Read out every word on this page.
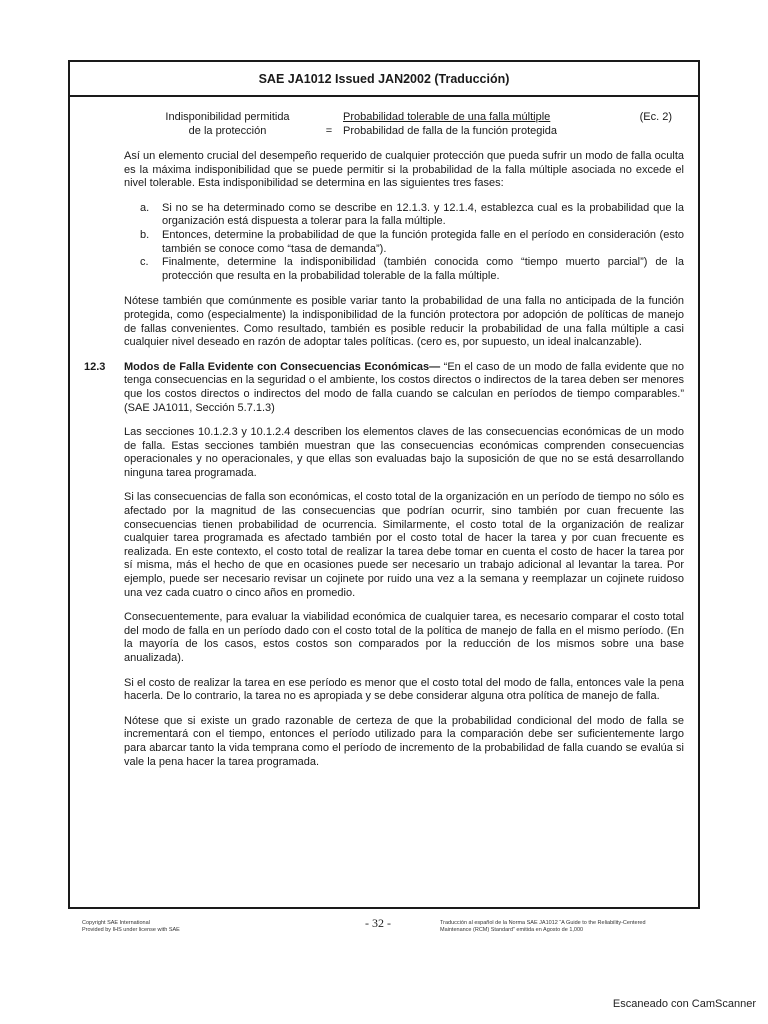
SAE JA1012 Issued JAN2002 (Traducción)
Indisponibilidad permitida
de la protección	=
Probabilidad tolerable de una falla múltiple
Probabilidad de falla de la función protegida
(Ec. 2)

Así un elemento crucial del desempeño requerido de cualquier protección que pueda sufrir un modo de falla oculta es la máxima indisponibilidad que se puede permitir si la probabilidad de la falla múltiple asociada no excede el nivel tolerable. Esta indisponibilidad se determina en las siguientes tres fases:

a.	Si no se ha determinado como se describe en 12.1.3. y 12.1.4, establezca cual es la probabilidad que la organización está dispuesta a tolerar para la falla múltiple.
b.	Entonces, determine la probabilidad de que la función protegida falle en el período en consideración (esto también se conoce como “tasa de demanda”).
c.	Finalmente, determine la indisponibilidad (también conocida como “tiempo muerto parcial”) de la protección que resulta en la probabilidad tolerable de la falla múltiple.

Nótese también que comúnmente es posible variar tanto la probabilidad de una falla no anticipada de la función protegida, como (especialmente) la indisponibilidad de la función protectora por adopción de políticas de manejo de fallas convenientes. Como resultado, también es posible reducir la probabilidad de una falla múltiple a casi cualquier nivel deseado en razón de adoptar tales políticas. (cero es, por supuesto, un ideal inalcanzable).

12.3	Modos de Falla Evidente con Consecuencias Económicas— “En el caso de un modo de falla evidente que no tenga consecuencias en la seguridad o el ambiente, los costos directos o indirectos de la tarea deben ser menores que los costos directos o indirectos del modo de falla cuando se calculan en períodos de tiempo comparables.” (SAE JA1011, Sección 5.7.1.3)

Las secciones 10.1.2.3 y 10.1.2.4 describen los elementos claves de las consecuencias económicas de un modo de falla. Estas secciones también muestran que las consecuencias económicas comprenden consecuencias operacionales y no operacionales, y que ellas son evaluadas bajo la suposición de que no se está desarrollando ninguna tarea programada.

Si las consecuencias de falla son económicas, el costo total de la organización en un período de tiempo no sólo es afectado por la magnitud de las consecuencias que podrían ocurrir, sino también por cuan frecuente las consecuencias tienen probabilidad de ocurrencia. Similarmente, el costo total de la organización de realizar cualquier tarea programada es afectado también por el costo total de hacer la tarea y por cuan frecuente es realizada. En este contexto, el costo total de realizar la tarea debe tomar en cuenta el costo de hacer la tarea por sí misma, más el hecho de que en ocasiones puede ser necesario un trabajo adicional al levantar la tarea. Por ejemplo, puede ser necesario revisar un cojinete por ruido una vez a la semana y reemplazar un cojinete ruidoso una vez cada cuatro o cinco años en promedio.

Consecuentemente, para evaluar la viabilidad económica de cualquier tarea, es necesario comparar el costo total del modo de falla en un período dado con el costo total de la política de manejo de falla en el mismo período. (En la mayoría de los casos, estos costos son comparados por la reducción de los mismos sobre una base anualizada).

Si el costo de realizar la tarea en ese período es menor que el costo total del modo de falla, entonces vale la pena hacerla. De lo contrario, la tarea no es apropiada y se debe considerar alguna otra política de manejo de falla.

Nótese que si existe un grado razonable de certeza de que la probabilidad condicional del modo de falla se incrementará con el tiempo, entonces el período utilizado para la comparación debe ser suficientemente largo para abarcar tanto la vida temprana como el período de incremento de la probabilidad de falla cuando se evalúa si vale la pena hacer la tarea programada.

Copyright SAE International
Provided by IHS under license with SAE	- 32 -	Traducción al español de la Norma SAE JA1012 “A Guide to the Reliability-Centered
Maintenance (RCM) Standard” emitida en Agosto de 1,000
Escaneado con CamScanner
